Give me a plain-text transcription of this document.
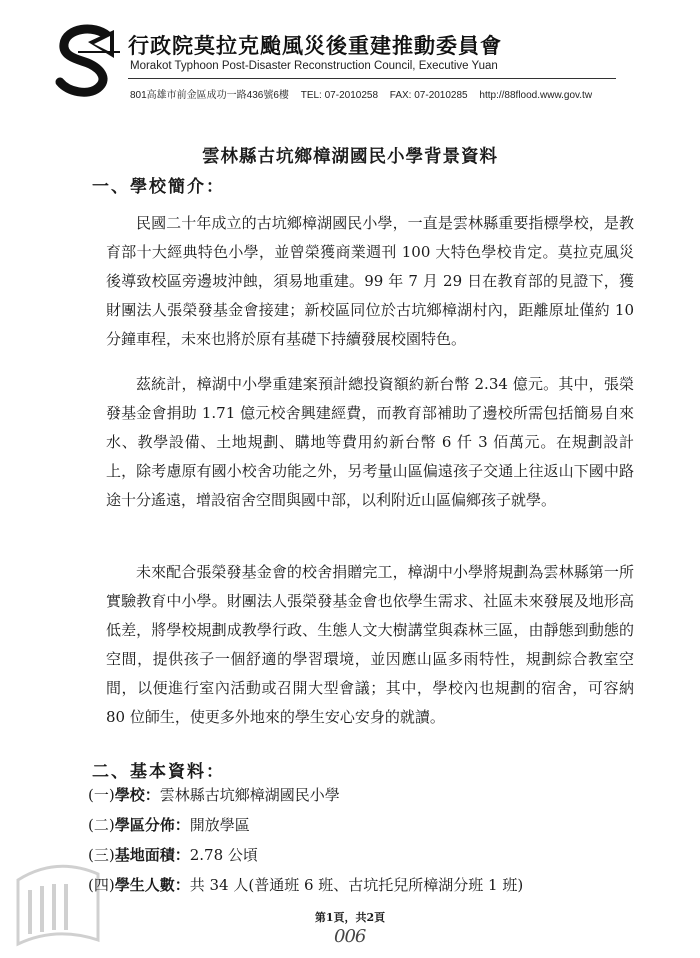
行政院莫拉克颱風災後重建推動委員會
Morakot Typhoon Post-Disaster Reconstruction Council, Executive Yuan
801高雄市前金區成功一路436號6樓 TEL: 07-2010258 FAX: 07-2010285 http://88flood.www.gov.tw
雲林縣古坑鄉樟湖國民小學背景資料
一、學校簡介：

民國二十年成立的古坑鄉樟湖國民小學，一直是雲林縣重要指標學校，是教育部十大經典特色小學，並曾榮獲商業週刊 100 大特色學校肯定。莫拉克風災後導致校區旁邊坡沖蝕，須易地重建。99 年 7 月 29 日在教育部的見證下，獲財團法人張榮發基金會接建；新校區同位於古坑鄉樟湖村內，距離原址僅約 10 分鐘車程，未來也將於原有基礎下持續發展校園特色。

茲統計，樟湖中小學重建案預計總投資額約新台幣 2.34 億元。其中，張榮發基金會捐助 1.71 億元校舍興建經費，而教育部補助了邊校所需包括簡易自來水、教學設備、土地規劃、購地等費用約新台幣 6 仟 3 佰萬元。在規劃設計上，除考慮原有國小校舍功能之外，另考量山區偏遠孩子交通上往返山下國中路途十分遙遠，增設宿舍空間與國中部，以利附近山區偏鄉孩子就學。

未來配合張榮發基金會的校舍捐贈完工，樟湖中小學將規劃為雲林縣第一所實驗教育中小學。財團法人張榮發基金會也依學生需求、社區未來發展及地形高低差，將學校規劃成教學行政、生態人文大樹講堂與森林三區，由靜態到動態的空間，提供孩子一個舒適的學習環境，並因應山區多雨特性，規劃綜合教室空間，以便進行室內活動或召開大型會議；其中，學校內也規劃的宿舍，可容納 80 位師生，使更多外地來的學生安心安身的就讀。

二、基本資料：
(一)學校：雲林縣古坑鄉樟湖國民小學
(二)學區分佈：開放學區
(三)基地面積：2.78 公頃
(四)學生人數：共 34 人(普通班 6 班、古坑托兒所樟湖分班 1 班)
第1頁，共2頁
006
